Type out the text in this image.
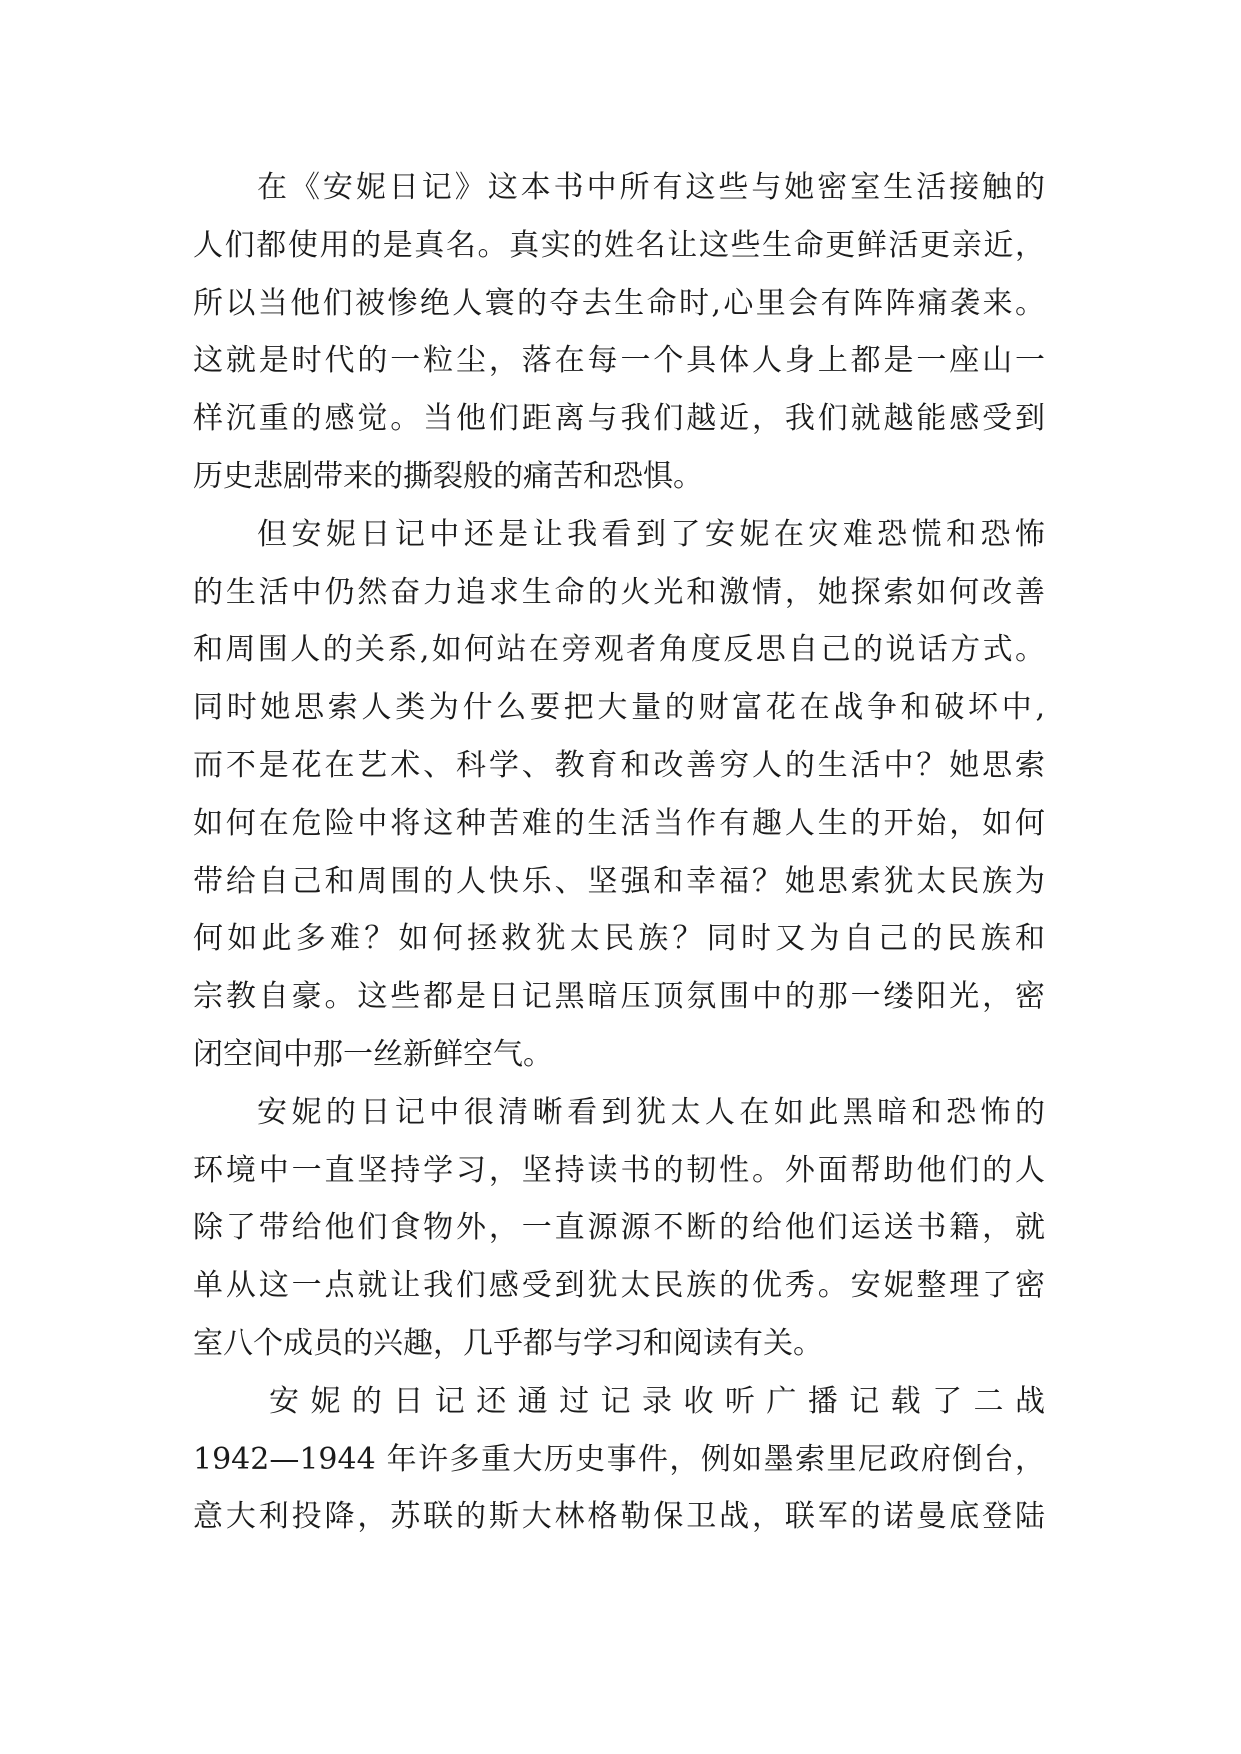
在《安妮日记》这本书中所有这些与她密室生活接触的
人们都使用的是真名。真实的姓名让这些生命更鲜活更亲近，
所以当他们被惨绝人寰的夺去生命时,心里会有阵阵痛袭来。
这就是时代的一粒尘，落在每一个具体人身上都是一座山一
样沉重的感觉。当他们距离与我们越近，我们就越能感受到
历史悲剧带来的撕裂般的痛苦和恐惧。
但安妮日记中还是让我看到了安妮在灾难恐慌和恐怖
的生活中仍然奋力追求生命的火光和激情，她探索如何改善
和周围人的关系,如何站在旁观者角度反思自己的说话方式。
同时她思索人类为什么要把大量的财富花在战争和破坏中,
而不是花在艺术、科学、教育和改善穷人的生活中？她思索
如何在危险中将这种苦难的生活当作有趣人生的开始，如何
带给自己和周围的人快乐、坚强和幸福？她思索犹太民族为
何如此多难？如何拯救犹太民族？同时又为自己的民族和
宗教自豪。这些都是日记黑暗压顶氛围中的那一缕阳光，密
闭空间中那一丝新鲜空气。
安妮的日记中很清晰看到犹太人在如此黑暗和恐怖的
环境中一直坚持学习，坚持读书的韧性。外面帮助他们的人
除了带给他们食物外，一直源源不断的给他们运送书籍，就
单从这一点就让我们感受到犹太民族的优秀。安妮整理了密
室八个成员的兴趣，几乎都与学习和阅读有关。
安妮的日记还通过记录收听广播记载了二战
1942—1944 年许多重大历史事件，例如墨索里尼政府倒台，
意大利投降，苏联的斯大林格勒保卫战，联军的诺曼底登陆
